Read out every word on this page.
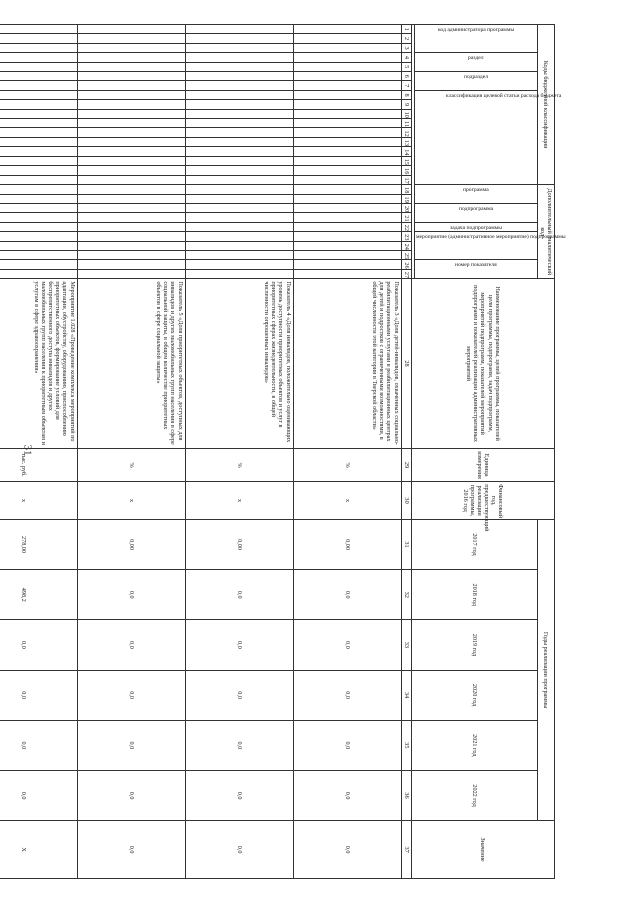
31
Коды бюджетной классификации																	Дополнительный аналитический код										Наименование программы, целей программы, показателей цели программы, подпрограмм, задач подпрограмм, мероприятий подпрограмм, показателей мероприятий подпрограмм и показателей реализации административных мероприятий	Единица измерения	Финансовый год, предшествующий реализации программы, 2016 год	Годы реализации программы						Значение

код администратора программы			раздел		подраздел		классификация целевой статьи расхода бюджета										программа		подпрограмма		задача подпрограммы	мероприятие (административное мероприятие) подпрограммы			номер показателя					2017 год	2018 год	2019 год	2020 год	2021 год	2022 год	

1	2	3	4	5	6	7	8	9	10	11	12	13	14	15	16	17	18	19	20	21	22	23	24	25	26	27	28	29	30	31	32	33	34	35	36	37
																											Показатель 3 «Доля детей-инвалидов, охваченных социально-реабилитационными услугами в реабилитационных центрах для детей и подростков с ограниченными возможностями, в общей численности этой категории в Тверской области»	%	х	0,00	0,0	0,0	0,0	0,0	0,0	0,0
																											Показатель 4 «Доля инвалидов, положительно оценивающих уровень доступности приоритетных объектов и услуг в приоритетных сферах жизнедеятельности, в общей численности опрошенных инвалидов»	%	х	0,00	0,0	0,0	0,0	0,0	0,0	0,0
																											Показатель 5 «Доля приоритетных объектов, доступных для инвалидов и других маломобильных групп населения в сфере социальной защиты, в общем количестве приоритетных объектов в сфере социальной защиты»	%	х	0,00	0,0	0,0	0,0	0,0	0,0	0,0
																											Мероприятие 1.028 «Проведение комплекса мероприятий по адаптации, обустройству, оборудованию, приспособлению приоритетных объектов, формирование условий для беспрепятственного доступа инвалидов и других маломобильных групп населения к приоритетным объектам и услугам в сфере здравоохранения»	тыс. руб.	х	278,00	498,2	0,0	0,0	0,0	0,0	Х
